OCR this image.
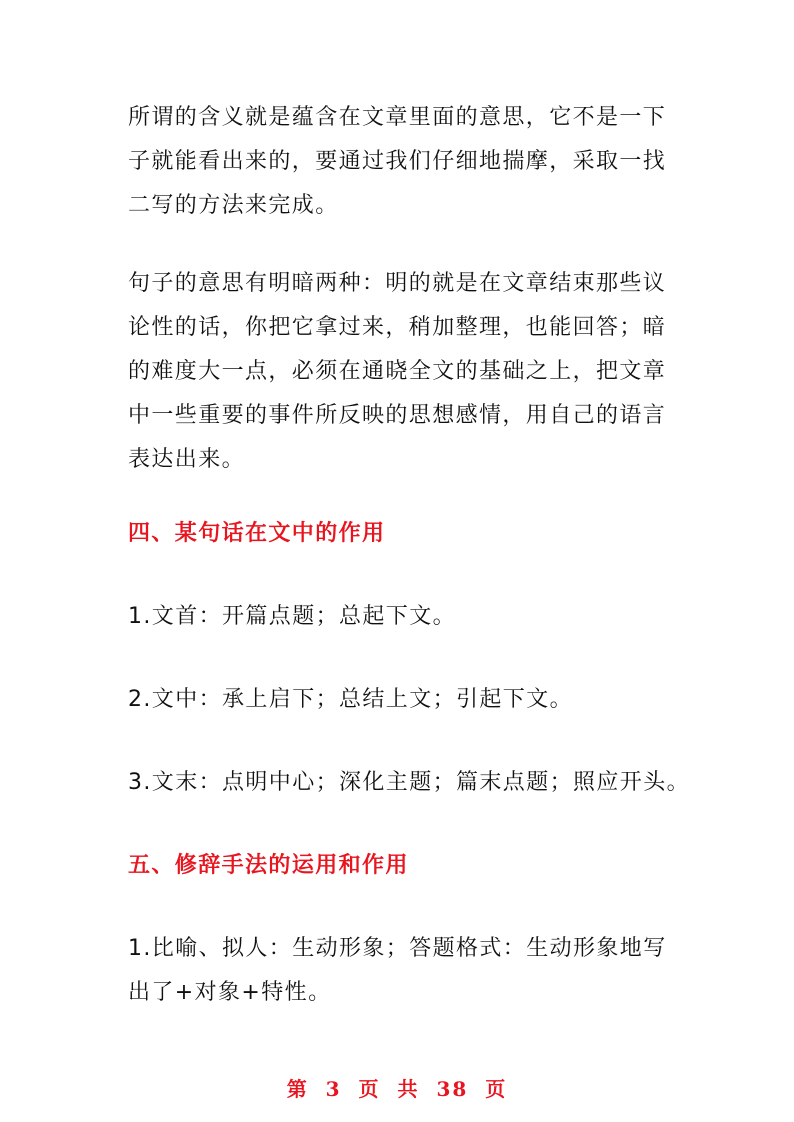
所谓的含义就是蕴含在文章里面的意思，它不是一下
子就能看出来的，要通过我们仔细地揣摩，采取一找
二写的方法来完成。
句子的意思有明暗两种：明的就是在文章结束那些议
论性的话，你把它拿过来，稍加整理，也能回答；暗
的难度大一点，必须在通晓全文的基础之上，把文章
中一些重要的事件所反映的思想感情，用自己的语言
表达出来。
四、某句话在文中的作用
1.文首：开篇点题；总起下文。
2.文中：承上启下；总结上文；引起下文。
3.文末：点明中心；深化主题；篇末点题；照应开头。
五、修辞手法的运用和作用
1.比喻、拟人：生动形象；答题格式：生动形象地写
出了+对象+特性。
第 3 页 共 38 页
